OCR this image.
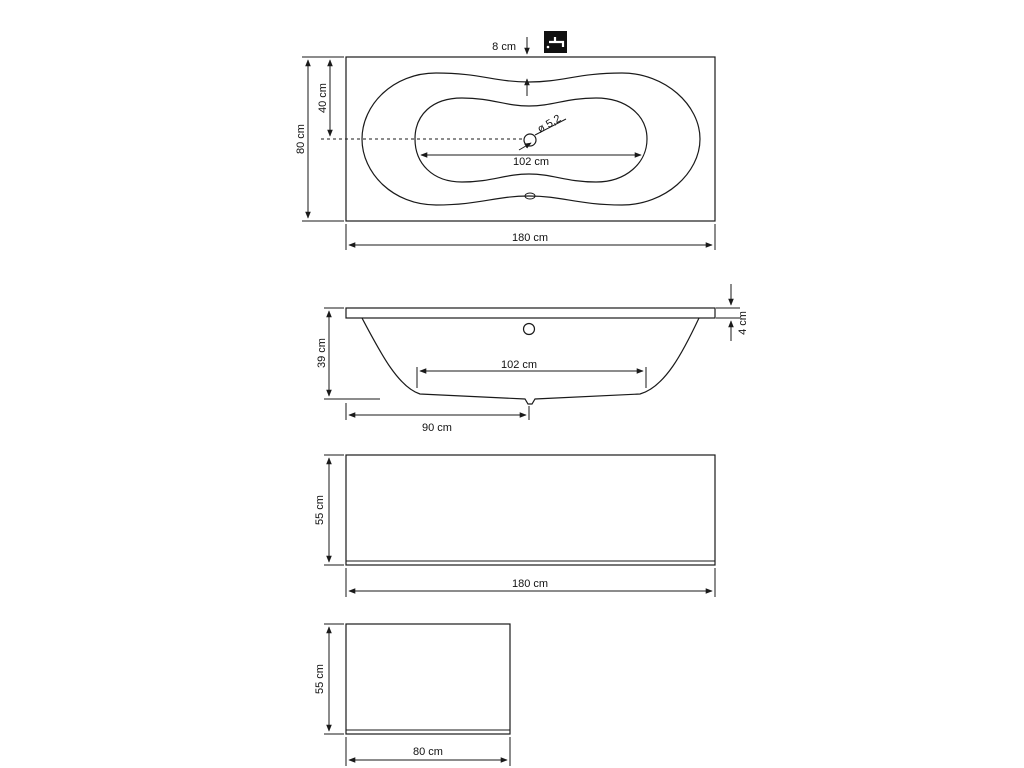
80 cm
40 cm
8 cm
102 cm
ø 5,2
180 cm
39 cm
4 cm
102 cm
90 cm
55 cm
180 cm
55 cm
80 cm
